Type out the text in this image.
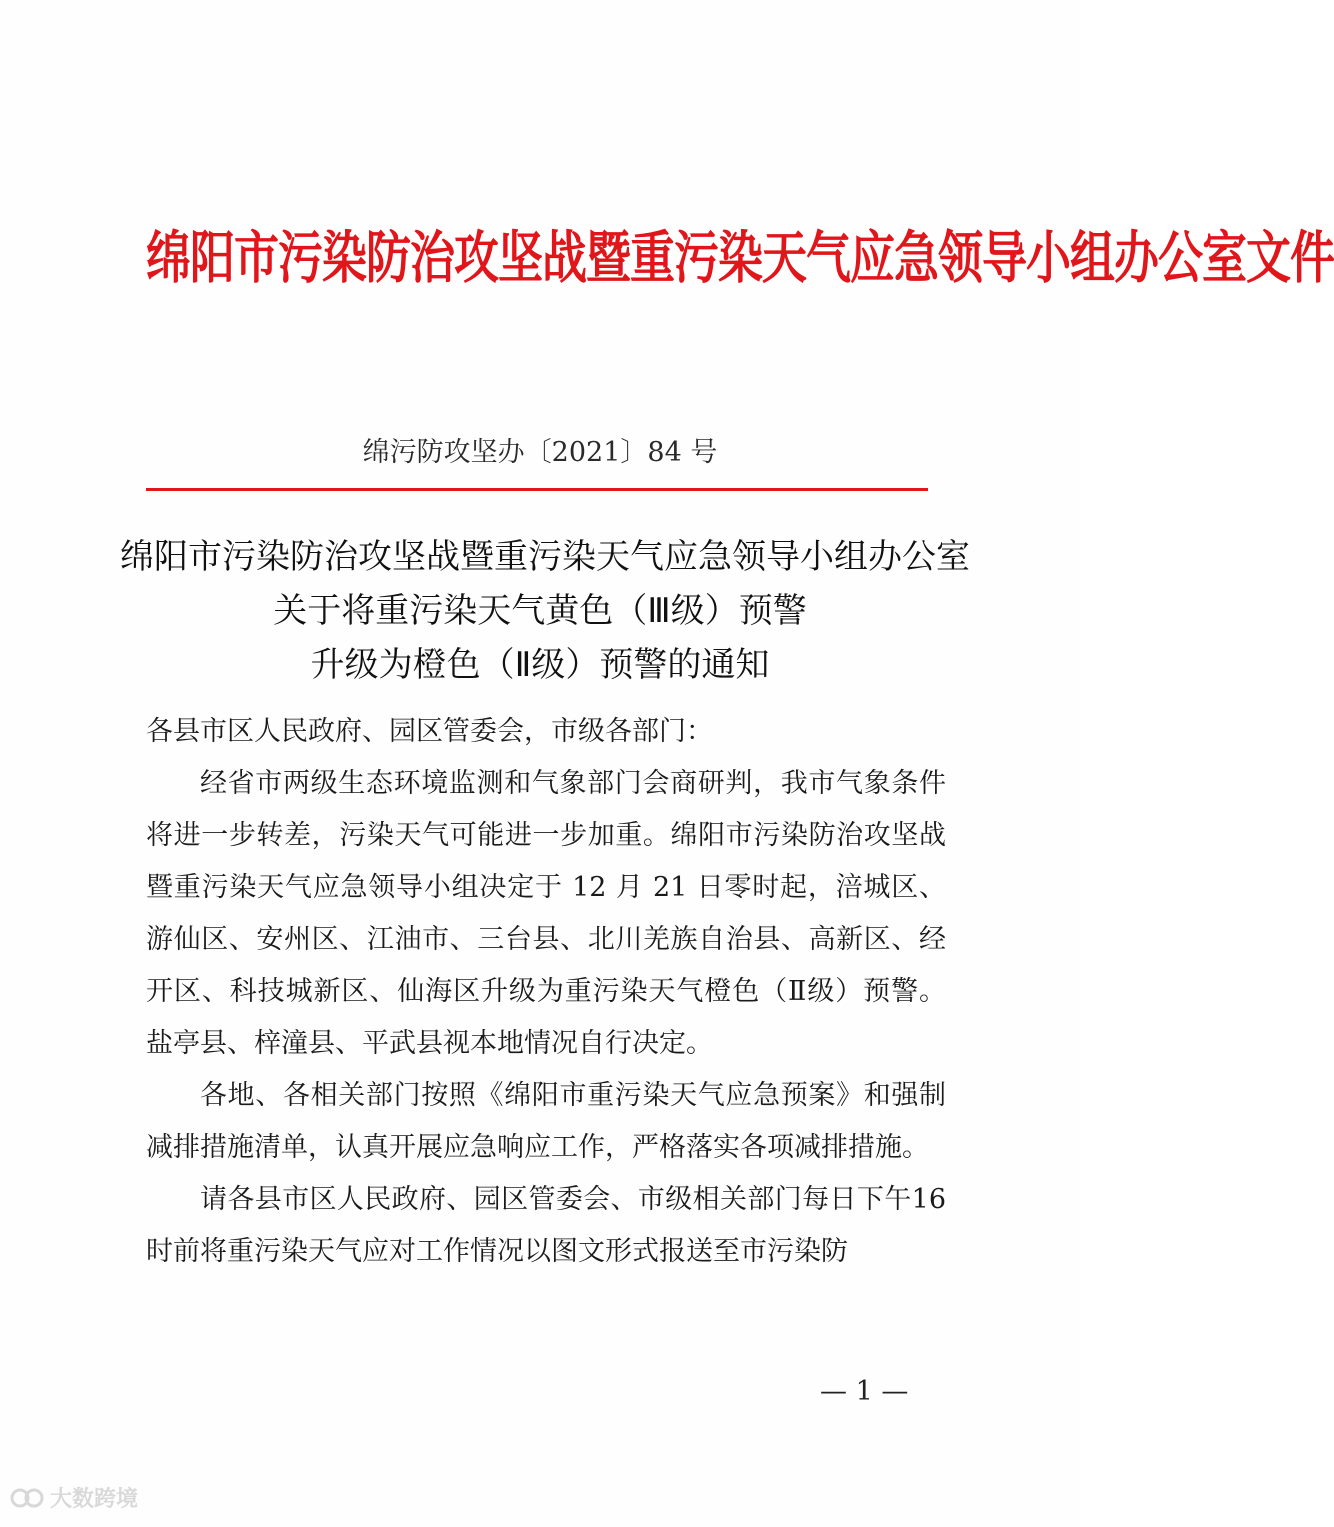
绵阳市污染防治攻坚战暨重污染天气应急领导小组办公室文件
绵污防攻坚办〔2021〕84 号
绵阳市污染防治攻坚战暨重污染天气应急领导小组办公室
关于将重污染天气黄色（Ⅲ级）预警
升级为橙色（Ⅱ级）预警的通知

各县市区人民政府、园区管委会，市级各部门：

经省市两级生态环境监测和气象部门会商研判，我市气象条件将进一步转差，污染天气可能进一步加重。绵阳市污染防治攻坚战暨重污染天气应急领导小组决定于 12 月 21 日零时起，涪城区、游仙区、安州区、江油市、三台县、北川羌族自治县、高新区、经开区、科技城新区、仙海区升级为重污染天气橙色（Ⅱ级）预警。盐亭县、梓潼县、平武县视本地情况自行决定。

各地、各相关部门按照《绵阳市重污染天气应急预案》和强制减排措施清单，认真开展应急响应工作，严格落实各项减排措施。

请各县市区人民政府、园区管委会、市级相关部门每日下午16 时前将重污染天气应对工作情况以图文形式报送至市污染防

— 1 —
大数跨境
